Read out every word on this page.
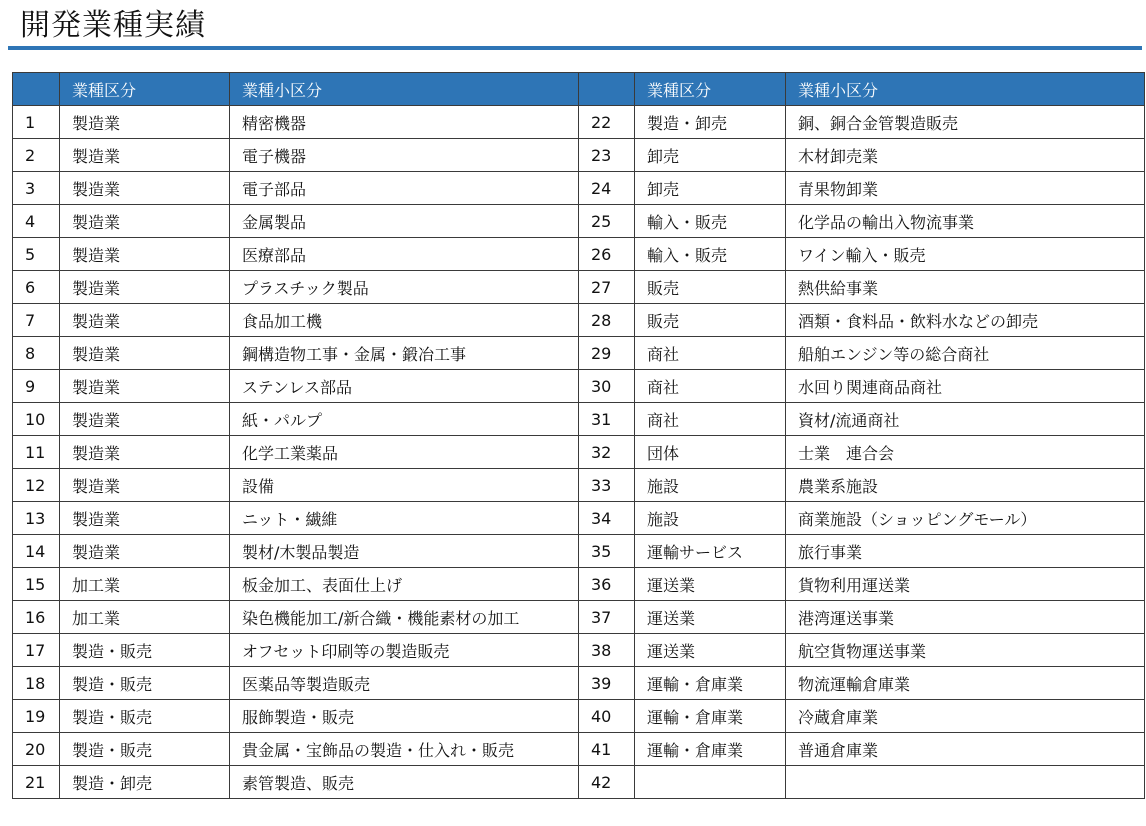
開発業種実績
	業種区分	業種小区分		業種区分	業種小区分
1	製造業	精密機器	22	製造・卸売	銅、銅合金管製造販売
2	製造業	電子機器	23	卸売	木材卸売業
3	製造業	電子部品	24	卸売	青果物卸業
4	製造業	金属製品	25	輸入・販売	化学品の輸出入物流事業
5	製造業	医療部品	26	輸入・販売	ワイン輸入・販売
6	製造業	プラスチック製品	27	販売	熱供給事業
7	製造業	食品加工機	28	販売	酒類・食料品・飲料水などの卸売
8	製造業	鋼構造物工事・金属・鍛冶工事	29	商社	船舶エンジン等の総合商社
9	製造業	ステンレス部品	30	商社	水回り関連商品商社
10	製造業	紙・パルプ	31	商社	資材/流通商社
11	製造業	化学工業薬品	32	団体	士業　連合会
12	製造業	設備	33	施設	農業系施設
13	製造業	ニット・繊維	34	施設	商業施設（ショッピングモール）
14	製造業	製材/木製品製造	35	運輸サービス	旅行事業
15	加工業	板金加工、表面仕上げ	36	運送業	貨物利用運送業
16	加工業	染色機能加工/新合織・機能素材の加工	37	運送業	港湾運送事業
17	製造・販売	オフセット印刷等の製造販売	38	運送業	航空貨物運送事業
18	製造・販売	医薬品等製造販売	39	運輸・倉庫業	物流運輸倉庫業
19	製造・販売	服飾製造・販売	40	運輸・倉庫業	冷蔵倉庫業
20	製造・販売	貴金属・宝飾品の製造・仕入れ・販売	41	運輸・倉庫業	普通倉庫業
21	製造・卸売	素管製造、販売	42		
